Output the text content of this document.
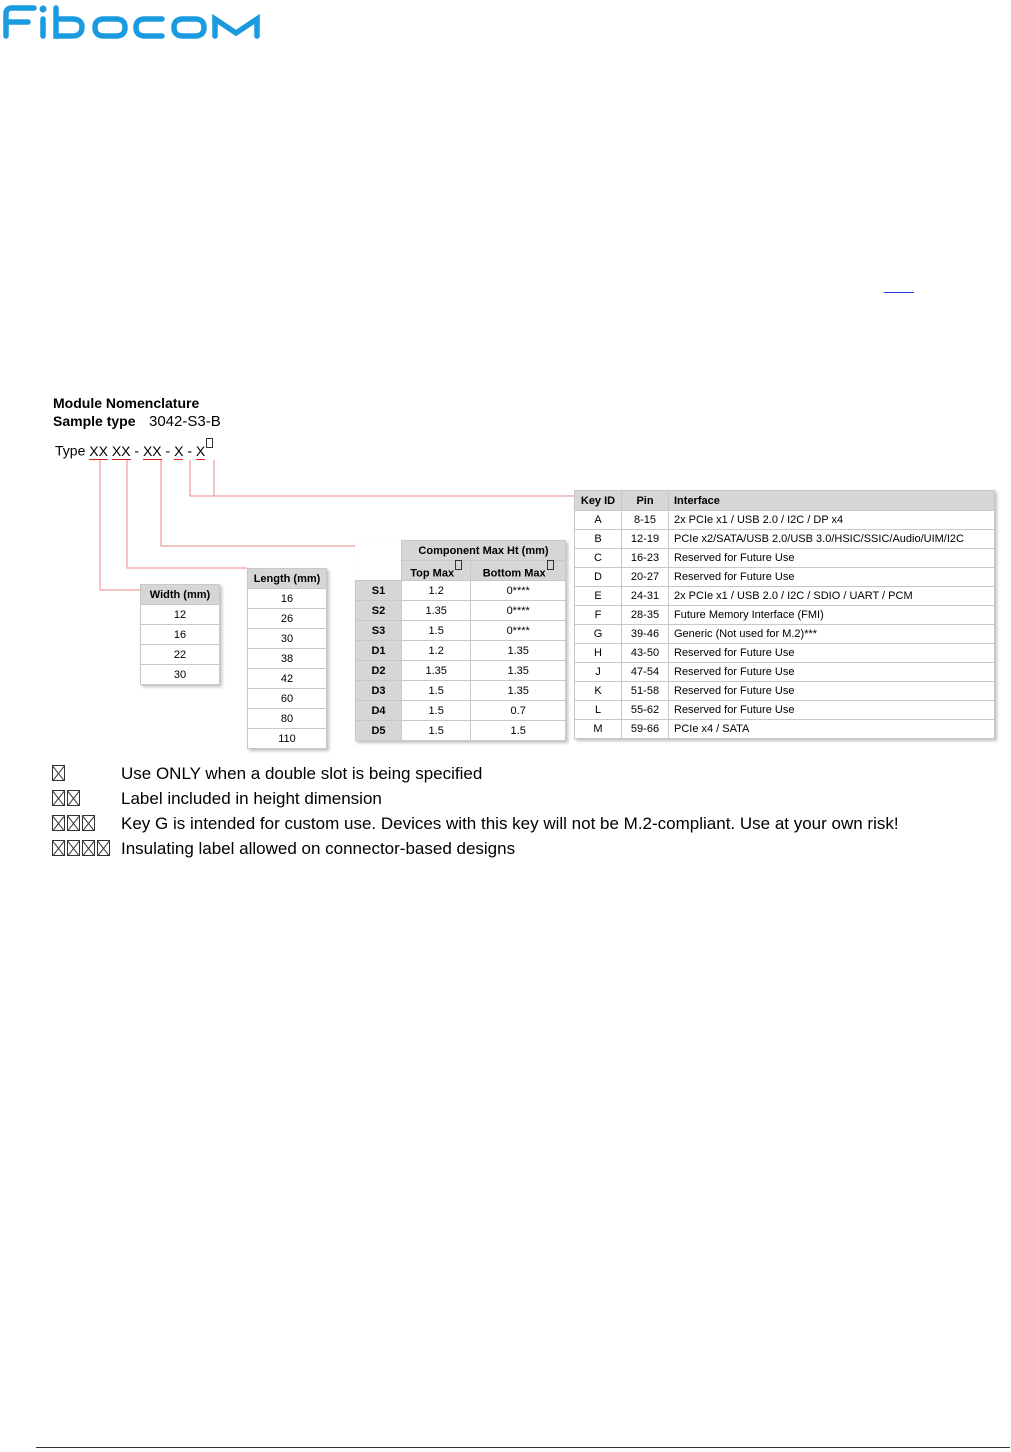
Module Nomenclature
Sample type 3042-S3-B
Type XX XX - XX - X - X
Width (mm)
12
16
22
30
Length (mm)
16
26
30
38
42
60
80
110
	Component Max Ht (mm)	
	Top Max	Bottom Max
S1	1.2	0****
S2	1.35	0****
S3	1.5	0****
D1	1.2	1.35
D2	1.35	1.35
D3	1.5	1.35
D4	1.5	0.7
D5	1.5	1.5
Key ID	Pin	Interface
A	8-15	2x PCIe x1 / USB 2.0 / I2C / DP x4
B	12-19	PCIe x2/SATA/USB 2.0/USB 3.0/HSIC/SSIC/Audio/UIM/I2C
C	16-23	Reserved for Future Use
D	20-27	Reserved for Future Use
E	24-31	2x PCIe x1 / USB 2.0 / I2C / SDIO / UART / PCM
F	28-35	Future Memory Interface (FMI)
G	39-46	Generic (Not used for M.2)***
H	43-50	Reserved for Future Use
J	47-54	Reserved for Future Use
K	51-58	Reserved for Future Use
L	55-62	Reserved for Future Use
M	59-66	PCIe x4 / SATA
Use ONLY when a double slot is being specified
Label included in height dimension
Key G is intended for custom use. Devices with this key will not be M.2-compliant. Use at your own risk!
Insulating label allowed on connector-based designs
